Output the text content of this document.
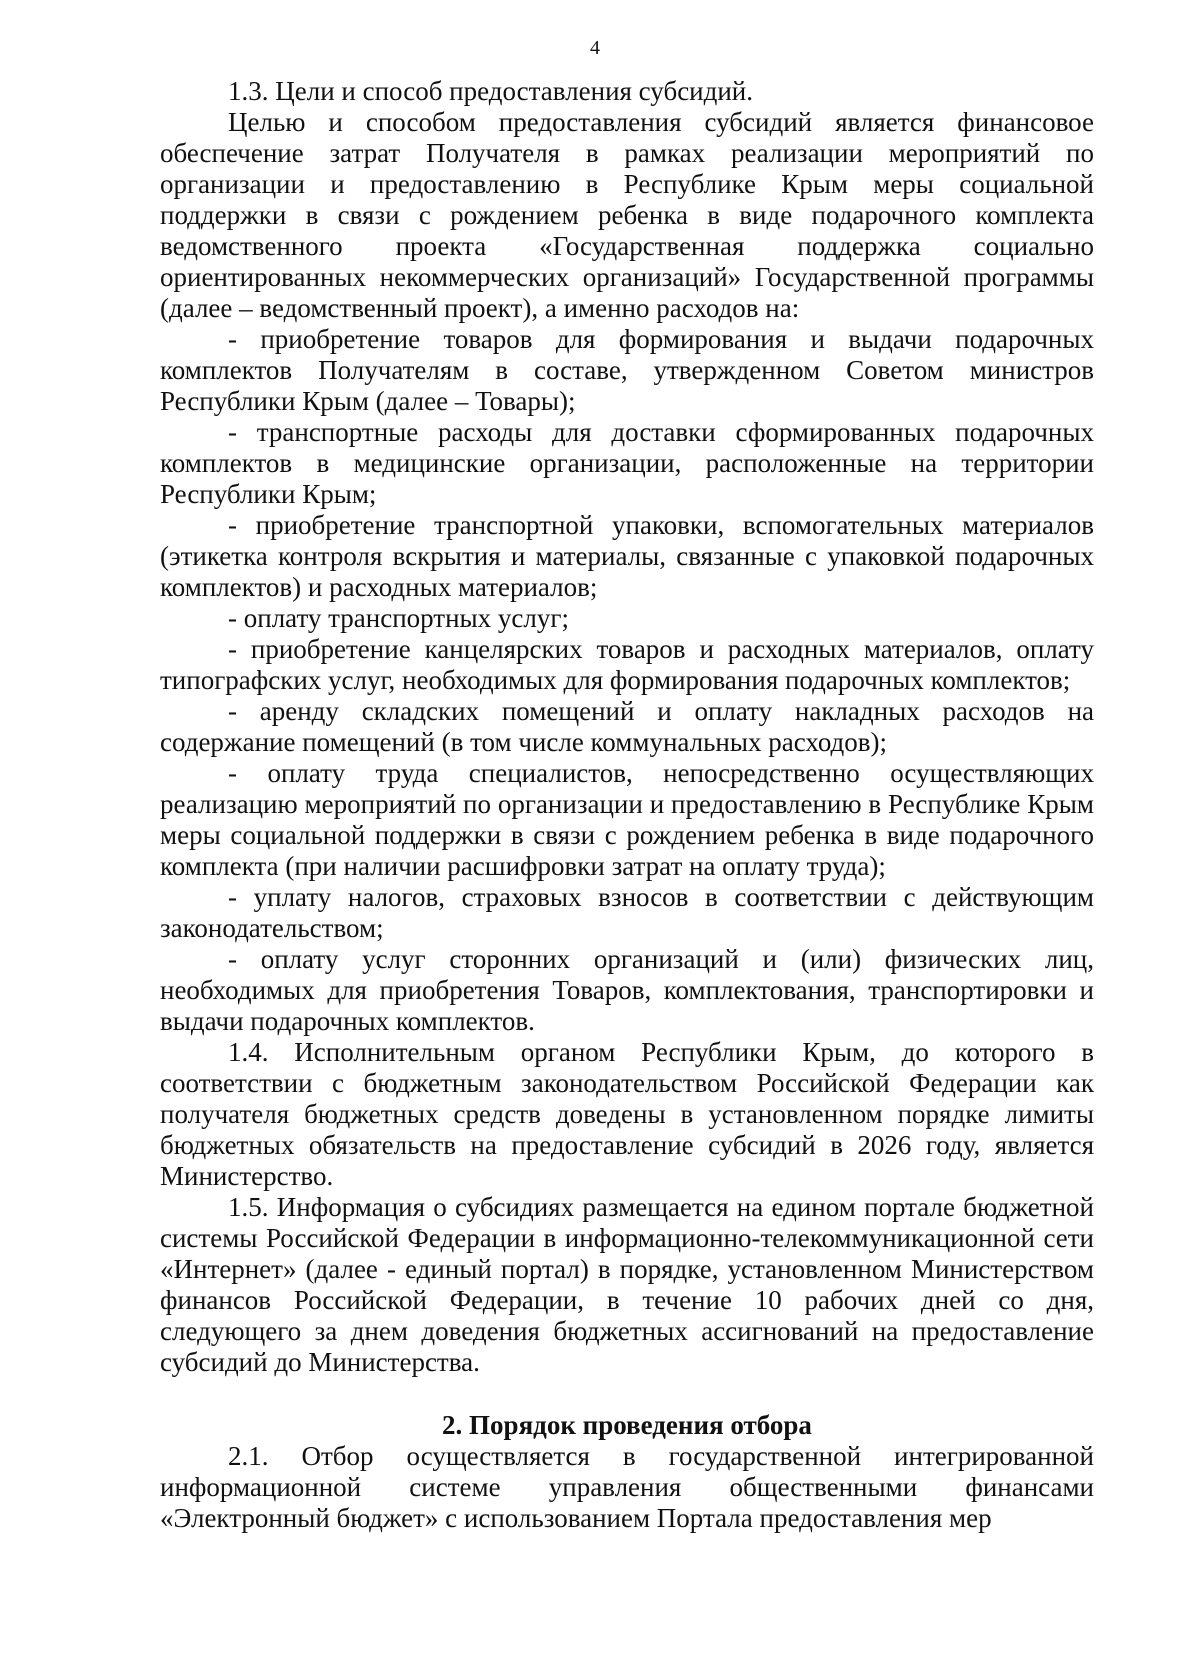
4

1.3. Цели и способ предоставления субсидий.

Целью и способом предоставления субсидий является финансовое обеспечение затрат Получателя в рамках реализации мероприятий по организации и предоставлению в Республике Крым меры социальной поддержки в связи с рождением ребенка в виде подарочного комплекта ведомственного проекта «Государственная поддержка социально ориентированных некоммерческих организаций» Государственной программы (далее – ведомственный проект), а именно расходов на:

- приобретение товаров для формирования и выдачи подарочных комплектов Получателям в составе, утвержденном Советом министров Республики Крым (далее – Товары);

- транспортные расходы для доставки сформированных подарочных комплектов в медицинские организации, расположенные на территории Республики Крым;

- приобретение транспортной упаковки, вспомогательных материалов (этикетка контроля вскрытия и материалы, связанные с упаковкой подарочных комплектов) и расходных материалов;

- оплату транспортных услуг;

- приобретение канцелярских товаров и расходных материалов, оплату типографских услуг, необходимых для формирования подарочных комплектов;

- аренду складских помещений и оплату накладных расходов на содержание помещений (в том числе коммунальных расходов);

- оплату труда специалистов, непосредственно осуществляющих реализацию мероприятий по организации и предоставлению в Республике Крым меры социальной поддержки в связи с рождением ребенка в виде подарочного комплекта (при наличии расшифровки затрат на оплату труда);

- уплату налогов, страховых взносов в соответствии с действующим законодательством;

- оплату услуг сторонних организаций и (или) физических лиц, необходимых для приобретения Товаров, комплектования, транспортировки и выдачи подарочных комплектов.

1.4. Исполнительным органом Республики Крым, до которого в соответствии с бюджетным законодательством Российской Федерации как получателя бюджетных средств доведены в установленном порядке лимиты бюджетных обязательств на предоставление субсидий в 2026 году, является Министерство.

1.5. Информация о субсидиях размещается на едином портале бюджетной системы Российской Федерации в информационно-телекоммуникационной сети «Интернет» (далее - единый портал) в порядке, установленном Министерством финансов Российской Федерации, в течение 10 рабочих дней со дня, следующего за днем доведения бюджетных ассигнований на предоставление субсидий до Министерства.

2. Порядок проведения отбора

2.1. Отбор осуществляется в государственной интегрированной информационной системе управления общественными финансами «Электронный бюджет» с использованием Портала предоставления мер
